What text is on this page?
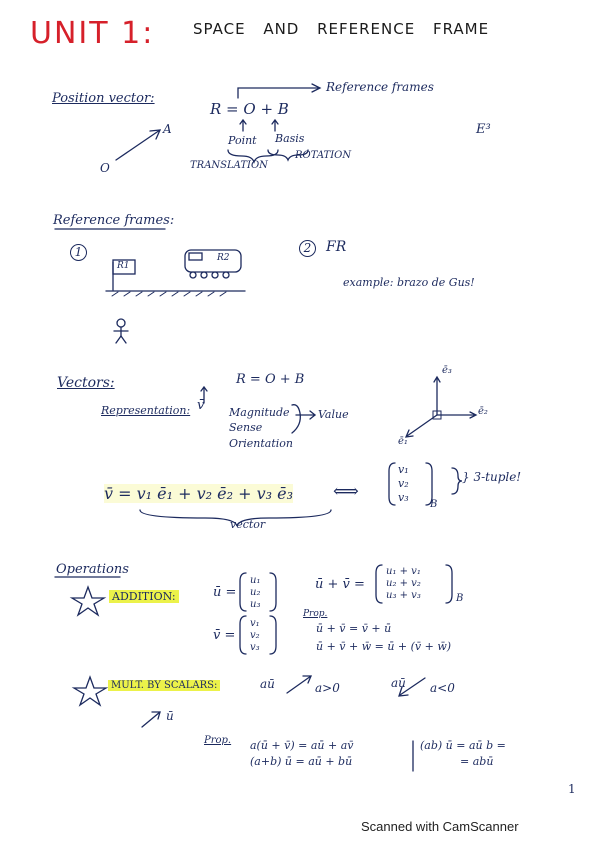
UNIT 1:	SPACE AND REFERENCE FRAME
Position vector:
A
O
Reference frames
R = O + B
Point Basis
TRANSLATION
ROTATION
E³
Reference frames:
1
R1
R2
2	FR
example: brazo de Gus!
Vectors:	R = O + B
Representation: v̄ Magnitude
Sense
Orientation
Value
ē₁
ē₂
ē₃
v̄ = v₁ ē₁ + v₂ ē₂ + v₃ ē₃ ⟺
v₁
v₂
v₃
B
} 3-tuple!
vector
Operations
ADDITION:	ū =
u₁
u₂
u₃
v̄ =
v₁
v₂
v₃
ū + v̄ =
u₁ + v₁
u₂ + v₂
u₃ + v₃	B
Prop.
ū + v̄ = v̄ + ū
ū + v̄ + w̄ = ū + (v̄ + w̄)
MULT. BY SCALARS:	aū	a>0	aū a<0
ū
Prop. a(ū + v̄) = aū + av̄
(a+b) ū = aū + bū
(ab) ū = aū b =
= abū
1
Scanned with CamScanner
